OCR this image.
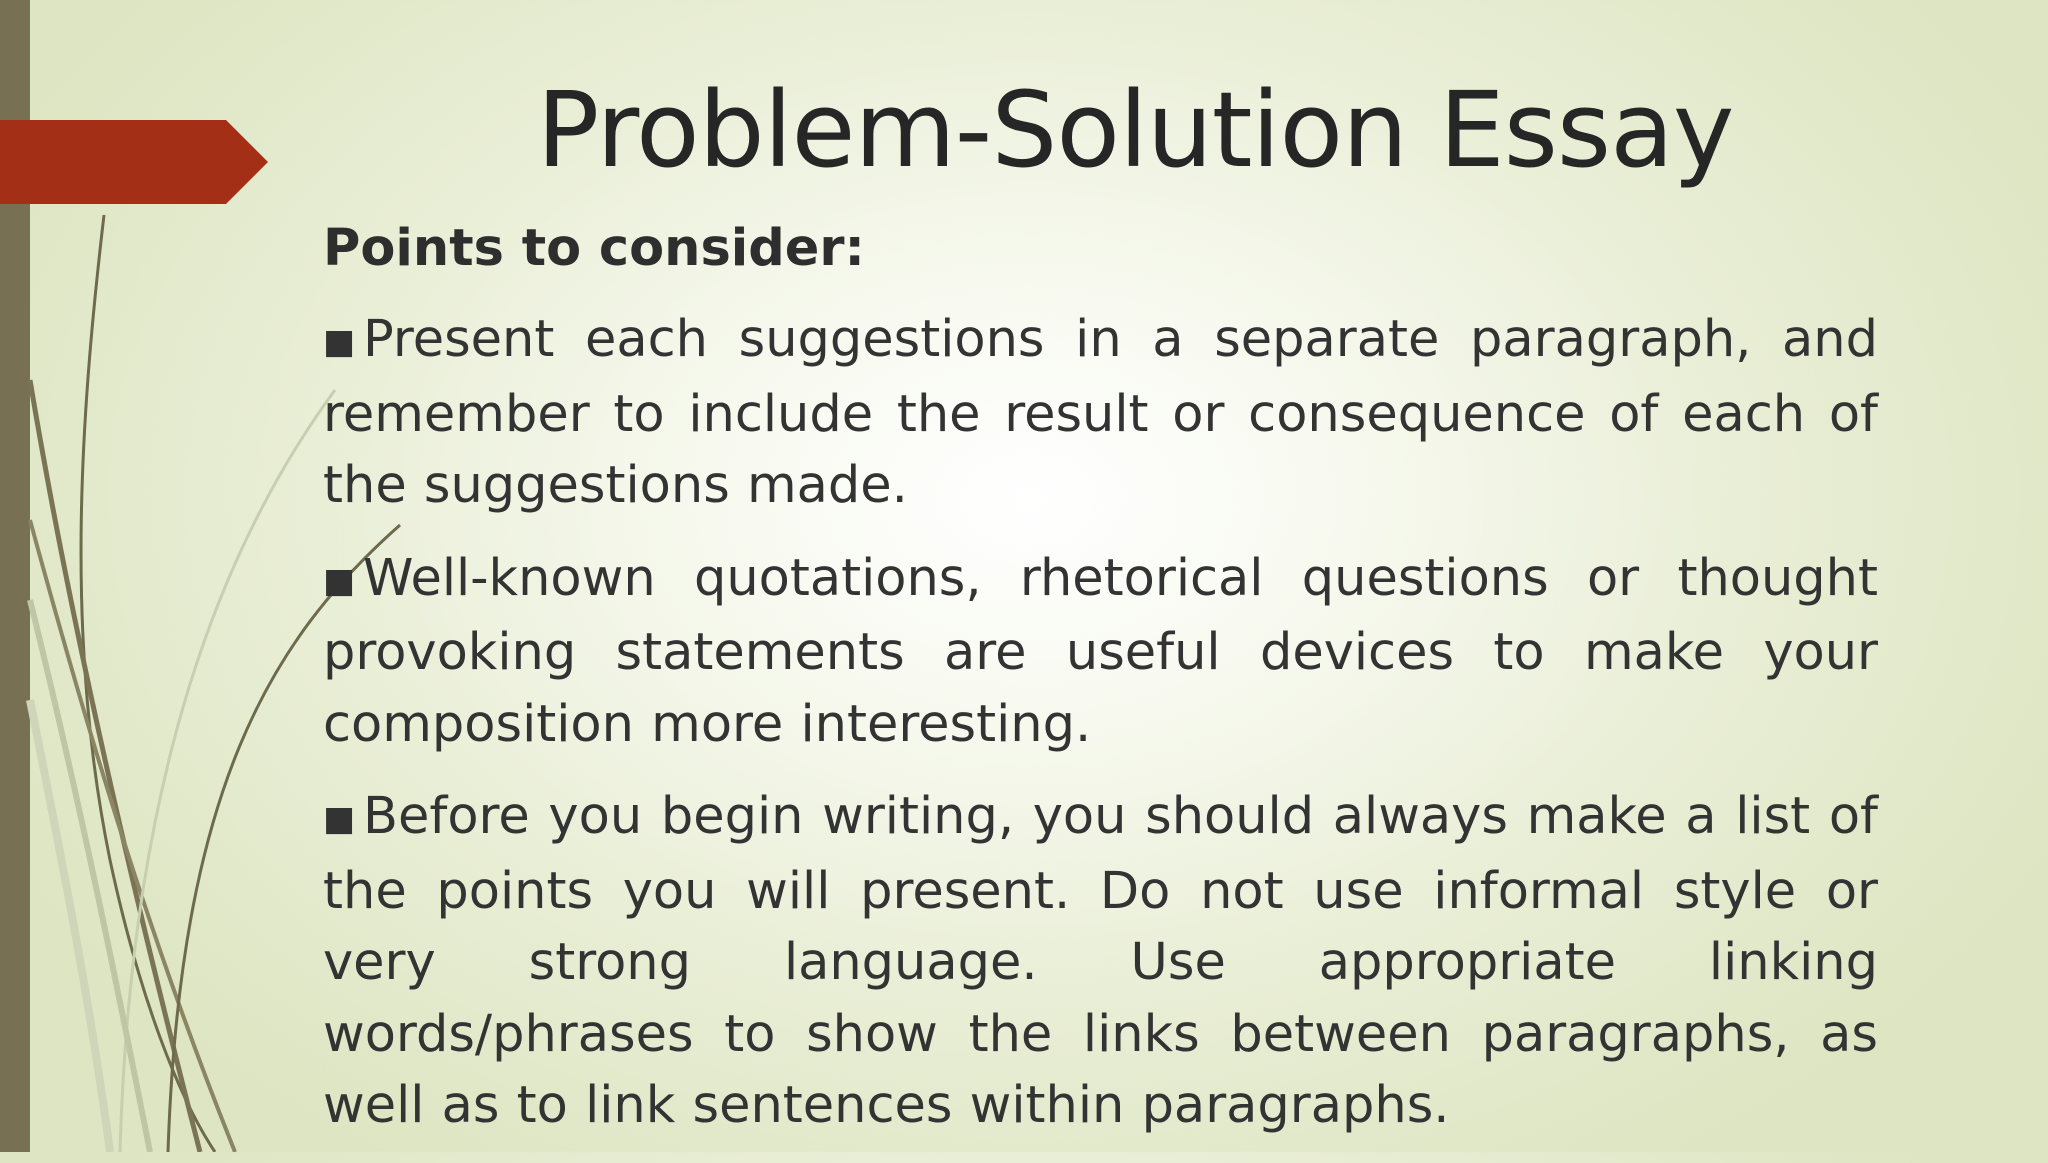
Problem-Solution Essay
Points to consider:
■ Present each suggestions in a separate paragraph, and remember to include the result or consequence of each of the suggestions made.
■ Well-known quotations, rhetorical questions or thought provoking statements are useful devices to make your composition more interesting.
■ Before you begin writing, you should always make a list of the points you will present. Do not use informal style or very strong language. Use appropriate linking words/phrases to show the links between paragraphs, as well as to link sentences within paragraphs.
